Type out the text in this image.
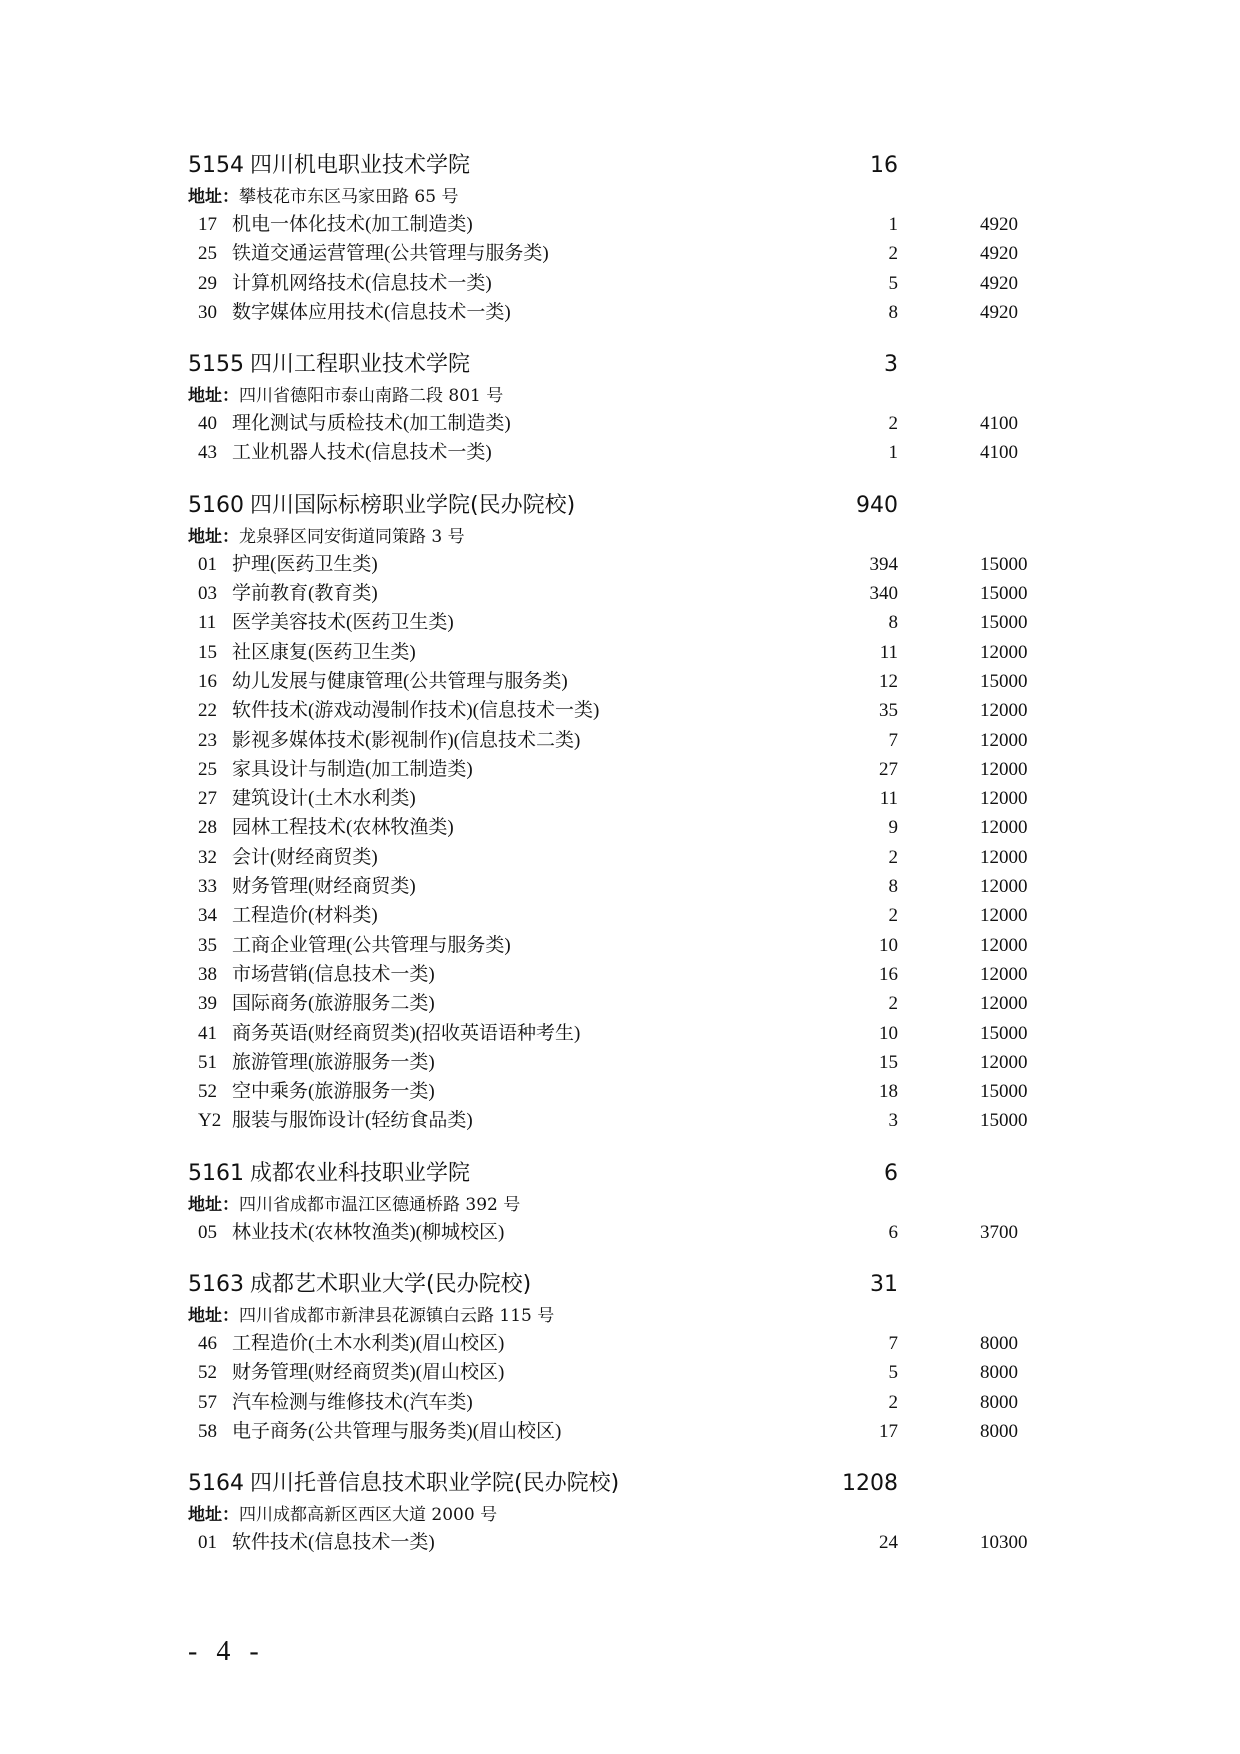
5154 四川机电职业技术学院	16
地址：攀枝花市东区马家田路 65 号
17 机电一体化技术(加工制造类)	1	4920
25 铁道交通运营管理(公共管理与服务类)	2	4920
29 计算机网络技术(信息技术一类)	5	4920
30 数字媒体应用技术(信息技术一类)	8	4920
5155 四川工程职业技术学院	3
地址：四川省德阳市泰山南路二段 801 号
40 理化测试与质检技术(加工制造类)	2	4100
43 工业机器人技术(信息技术一类)	1	4100
5160 四川国际标榜职业学院(民办院校)	940
地址：龙泉驿区同安街道同策路 3 号
01 护理(医药卫生类)	394	15000
03 学前教育(教育类)	340	15000
11 医学美容技术(医药卫生类)	8	15000
15 社区康复(医药卫生类)	11	12000
16 幼儿发展与健康管理(公共管理与服务类)	12	15000
22 软件技术(游戏动漫制作技术)(信息技术一类)	35	12000
23 影视多媒体技术(影视制作)(信息技术二类)	7	12000
25 家具设计与制造(加工制造类)	27	12000
27 建筑设计(土木水利类)	11	12000
28 园林工程技术(农林牧渔类)	9	12000
32 会计(财经商贸类)	2	12000
33 财务管理(财经商贸类)	8	12000
34 工程造价(材料类)	2	12000
35 工商企业管理(公共管理与服务类)	10	12000
38 市场营销(信息技术一类)	16	12000
39 国际商务(旅游服务二类)	2	12000
41 商务英语(财经商贸类)(招收英语语种考生)	10	15000
51 旅游管理(旅游服务一类)	15	12000
52 空中乘务(旅游服务一类)	18	15000
Y2 服装与服饰设计(轻纺食品类)	3	15000
5161 成都农业科技职业学院	6
地址：四川省成都市温江区德通桥路 392 号
05 林业技术(农林牧渔类)(柳城校区)	6	3700
5163 成都艺术职业大学(民办院校)	31
地址：四川省成都市新津县花源镇白云路 115 号
46 工程造价(土木水利类)(眉山校区)	7	8000
52 财务管理(财经商贸类)(眉山校区)	5	8000
57 汽车检测与维修技术(汽车类)	2	8000
58 电子商务(公共管理与服务类)(眉山校区)	17	8000
5164 四川托普信息技术职业学院(民办院校)	1208
地址：四川成都高新区西区大道 2000 号
01 软件技术(信息技术一类)	24	10300
- 4 -
